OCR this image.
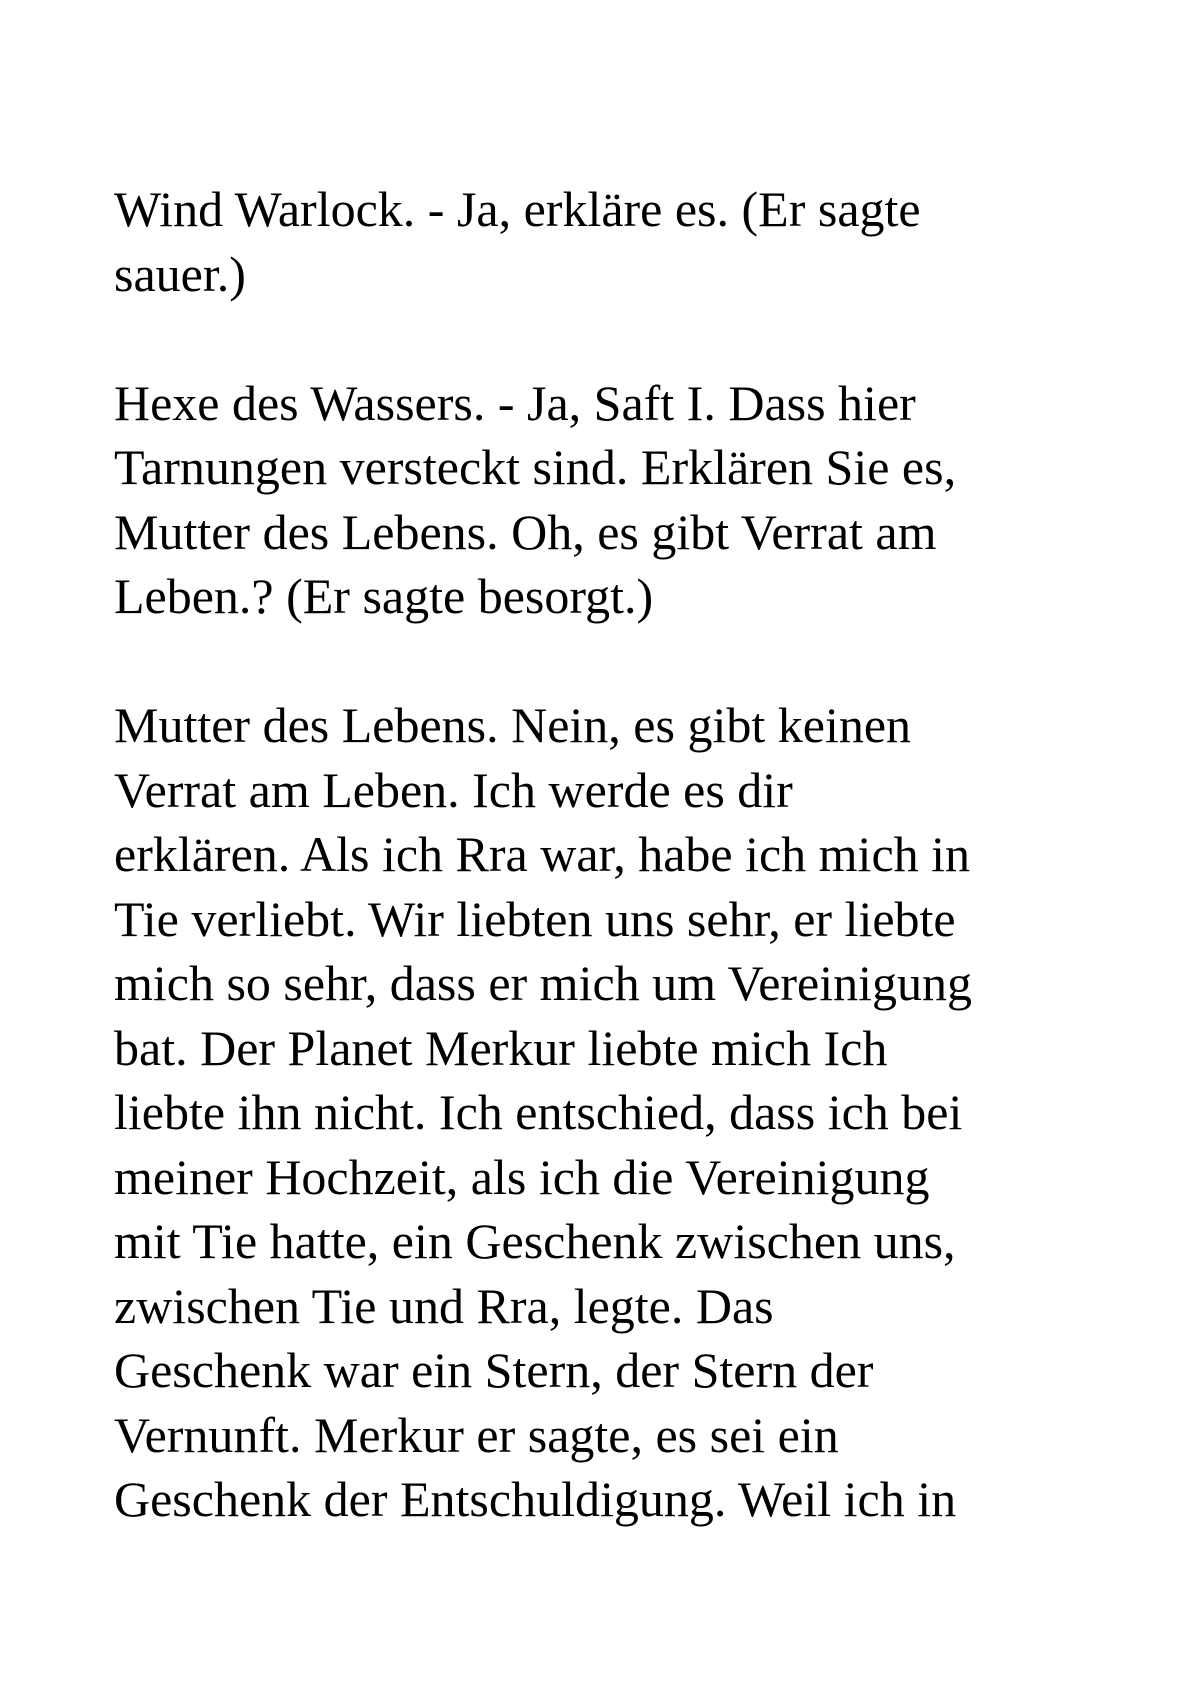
Wind Warlock. - Ja, erkläre es. (Er sagte
sauer.)

Hexe des Wassers. - Ja, Saft I. Dass hier
Tarnungen versteckt sind. Erklären Sie es,
Mutter des Lebens. Oh, es gibt Verrat am
Leben.? (Er sagte besorgt.)

Mutter des Lebens. Nein, es gibt keinen
Verrat am Leben. Ich werde es dir
erklären. Als ich Rra war, habe ich mich in
Tie verliebt. Wir liebten uns sehr, er liebte
mich so sehr, dass er mich um Vereinigung
bat. Der Planet Merkur liebte mich Ich
liebte ihn nicht. Ich entschied, dass ich bei
meiner Hochzeit, als ich die Vereinigung
mit Tie hatte, ein Geschenk zwischen uns,
zwischen Tie und Rra, legte. Das
Geschenk war ein Stern, der Stern der
Vernunft. Merkur er sagte, es sei ein
Geschenk der Entschuldigung. Weil ich in
